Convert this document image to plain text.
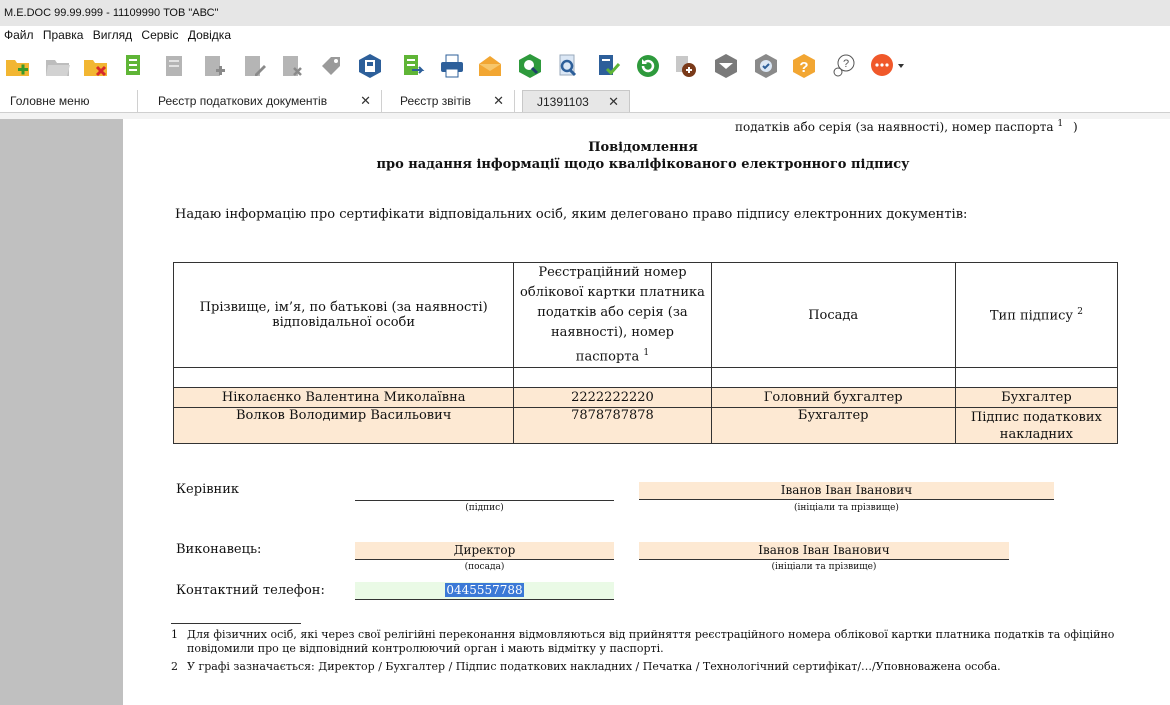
M.E.DOC 99.99.999 - 11109990 ТОВ "АВС"
Файл Правка Вигляд Сервіс Довідка
?	?
Головне меню	Реєстр податкових документів	✕	Реєстр звітів ✕	J1391103 ✕
податків або серія (за наявності), номер паспорта $^1$ )
Повідомлення
про надання інформації щодо кваліфікованого електронного підпису
Надаю інформацію про сертифікати відповідальних осіб, яким делеговано право підпису електронних документів:
Прізвище, ім’я, по батькові (за наявності) відповідальної особи	Реєстраційний номер облікової картки платника податків або серія (за наявності), номер паспорта $^1$	Посада	Тип підпису $^2$

Ніколаєнко Валентина Миколаївна	2222222220	Головний бухгалтер	Бухгалтер
Волков Володимир Васильович	7878787878	Бухгалтер	Підпис податкових накладних
Керівник
(підпис)
Іванов Іван Іванович
(ініціали та прізвище)
Виконавець:	Директор
(посада)
Іванов Іван Іванович
(ініціали та прізвище)
Контактний телефон:	0445557788
1 Для фізичних осіб, які через свої релігійні переконання відмовляються від прийняття реєстраційного номера облікової картки платника податків та офіційно повідомили про це відповідний контролюючий орган і мають відмітку у паспорті.
2 У графі зазначається: Директор / Бухгалтер / Підпис податкових накладних / Печатка / Технологічний сертифікат/…/Уповноважена особа.
